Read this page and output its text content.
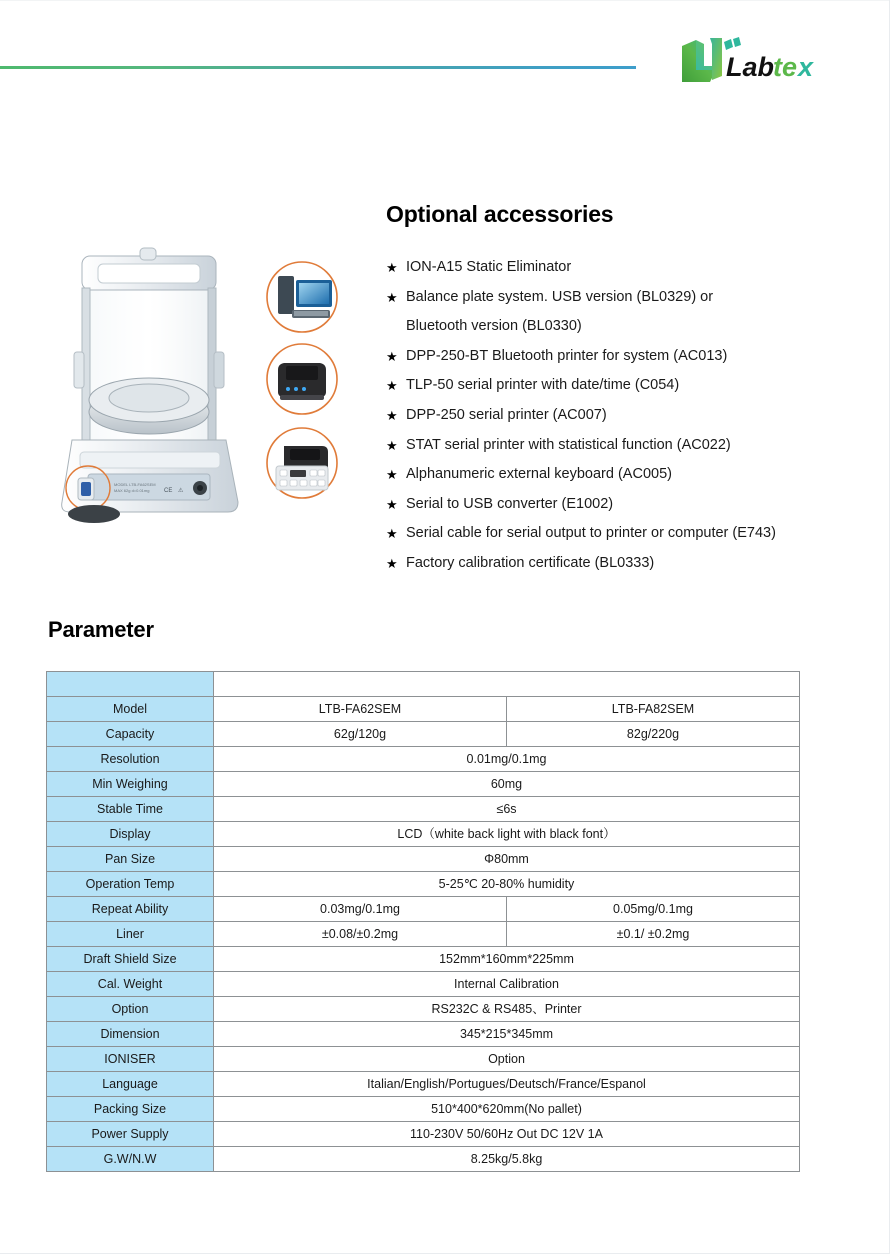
Lab
te x
MODEL LTB-FA62SEM
MAX 62g d=0.01mg CE ⚠
Optional accessories
★ ION-A15 Static Eliminator
★ Balance plate system. USB version (BL0329) or
Bluetooth version (BL0330)
★ DPP-250-BT Bluetooth printer for system (AC013)
★ TLP-50 serial printer with date/time (C054)
★ DPP-250 serial printer (AC007)
★ STAT serial printer with statistical function (AC022)
★ Alphanumeric external keyboard (AC005)
★ Serial to USB converter (E1002)
★ Serial cable for serial output to printer or computer (E743)
★ Factory calibration certificate (BL0333)
Parameter

Model	LTB-FA62SEM	LTB-FA82SEM
Capacity	62g/120g	82g/220g
Resolution	0.01mg/0.1mg	
Min Weighing	60mg	
Stable Time	≤6s	
Display	LCD（white back light with black font）	
Pan Size	Φ80mm	
Operation Temp	5-25℃ 20-80% humidity	
Repeat Ability	0.03mg/0.1mg	0.05mg/0.1mg
Liner	±0.08/±0.2mg	±0.1/ ±0.2mg
Draft Shield Size	152mm*160mm*225mm	
Cal. Weight	Internal Calibration	
Option	RS232C & RS485、Printer	
Dimension	345*215*345mm	
IONISER	Option	
Language	Italian/English/Portugues/Deutsch/France/Espanol	
Packing Size	510*400*620mm(No pallet)	
Power Supply	110-230V 50/60Hz Out DC 12V 1A	
G.W/N.W	8.25kg/5.8kg	
